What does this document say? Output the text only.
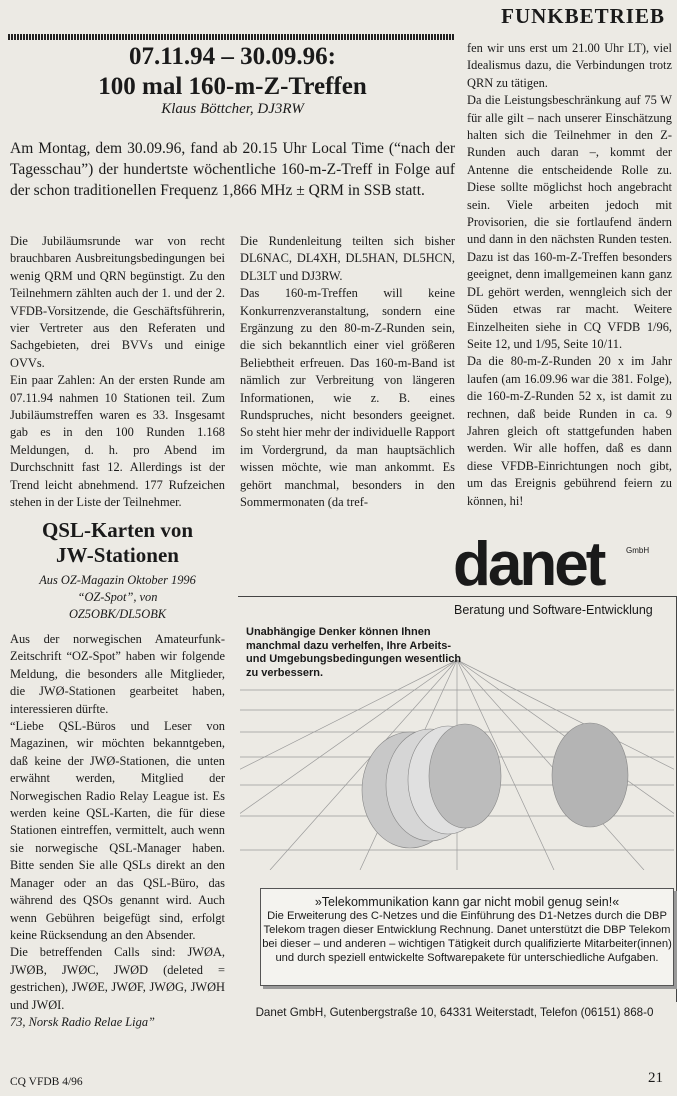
FUNKBETRIEB
07.11.94 – 30.09.96:
100 mal 160-m-Z-Treffen
Klaus Böttcher, DJ3RW
Am Montag, dem 30.09.96, fand ab 20.15 Uhr Local Time (“nach der Tagesschau”) der hundertste wöchentliche 160-m-Z-Treff in Folge auf der schon traditionellen Frequenz 1,866 MHz ± QRM in SSB statt.

Die Jubiläumsrunde war von recht brauchbaren Ausbreitungsbedingungen bei wenig QRM und QRN begünstigt. Zu den Teilnehmern zählten auch der 1. und der 2. VFDB-Vorsitzende, die Geschäftsführerin, vier Vertreter aus den Referaten und Sachgebieten, drei BVVs und einige OVVs.

Ein paar Zahlen: An der ersten Runde am 07.11.94 nahmen 10 Stationen teil. Zum Jubiläumstreffen waren es 33. Insgesamt gab es in den 100 Runden 1.168 Meldungen, d. h. pro Abend im Durchschnitt fast 12. Allerdings ist der Trend leicht abnehmend. 177 Rufzeichen stehen in der Liste der Teilnehmer.

Die Rundenleitung teilten sich bisher DL6NAC, DL4XH, DL5HAN, DL5HCN, DL3LT und DJ3RW.

Das 160-m-Treffen will keine Konkurrenzveranstaltung, sondern eine Ergänzung zu den 80-m-Z-Runden sein, die sich bekanntlich einer viel größeren Beliebtheit erfreuen. Das 160-m-Band ist nämlich zur Verbreitung von längeren Informationen, wie z. B. eines Rundspruches, nicht besonders geeignet. So steht hier mehr der individuelle Rapport im Vordergrund, da man hauptsächlich wissen möchte, wie man ankommt. Es gehört manchmal, besonders in den Sommermonaten (da tref-

fen wir uns erst um 21.00 Uhr LT), viel Idealismus dazu, die Verbindungen trotz QRN zu tätigen.

Da die Leistungsbeschränkung auf 75 W für alle gilt – nach unserer Einschätzung halten sich die Teilnehmer in den Z-Runden auch daran –, kommt der Antenne die entscheidende Rolle zu. Diese sollte möglichst hoch angebracht sein. Viele arbeiten jedoch mit Provisorien, die sie fortlaufend ändern und dann in den nächsten Runden testen. Dazu ist das 160-m-Z-Treffen besonders geeignet, denn imallgemeinen kann ganz DL gehört werden, wenngleich sich der Süden etwas rar macht. Weitere Einzelheiten siehe in CQ VFDB 1/96, Seite 12, und 1/95, Seite 10/11.

Da die 80-m-Z-Runden 20 x im Jahr laufen (am 16.09.96 war die 381. Folge), die 160-m-Z-Runden 52 x, ist damit zu rechnen, daß beide Runden in ca. 9 Jahren gleich oft stattgefunden haben werden. Wir alle hoffen, daß es dann diese VFDB-Einrichtungen noch gibt, um das Ereignis gebührend feiern zu können, hi!

QSL-Karten von
JW-Stationen
Aus OZ-Magazin Oktober 1996
“OZ-Spot”, von
OZ5OBK/DL5OBK

Aus der norwegischen Amateurfunk-Zeitschrift “OZ-Spot” haben wir folgende Meldung, die besonders alle Mitglieder, die JWØ-Stationen gearbeitet haben, interessieren dürfte.

“Liebe QSL-Büros und Leser von Magazinen, wir möchten bekanntgeben, daß keine der JWØ-Stationen, die unten erwähnt werden, Mitglied der Norwegischen Radio Relay League ist. Es werden keine QSL-Karten, die für diese Stationen eintreffen, vermittelt, auch wenn sie norwegische QSL-Manager haben. Bitte senden Sie alle QSLs direkt an den Manager oder an das QSL-Büro, das während des QSOs genannt wird. Auch wenn Gebühren beigefügt sind, erfolgt keine Rücksendung an den Absender.

Die betreffenden Calls sind: JWØA, JWØB, JWØC, JWØD (deleted = gestrichen), JWØE, JWØF, JWØG, JWØH und JWØI.

73, Norsk Radio Relae Liga”

danet	GmbH
Beratung und Software-Entwicklung
Unabhängige Denker können Ihnen manchmal dazu verhelfen, Ihre Arbeits- und Umgebungsbedingungen wesentlich zu verbessern.
»Telekommunikation kann gar nicht mobil genug sein!«
Die Erweiterung des C-Netzes und die Einführung des D1-Netzes durch die DBP Telekom tragen dieser Entwicklung Rechnung. Danet unterstützt die DBP Telekom bei dieser – und anderen – wichtigen Tätigkeit durch qualifizierte Mitarbeiter(innen) und durch speziell entwickelte Softwarepakete für unterschiedliche Aufgaben.
Danet GmbH, Gutenbergstraße 10, 64331 Weiterstadt, Telefon (06151) 868-0
CQ VFDB 4/96	21
